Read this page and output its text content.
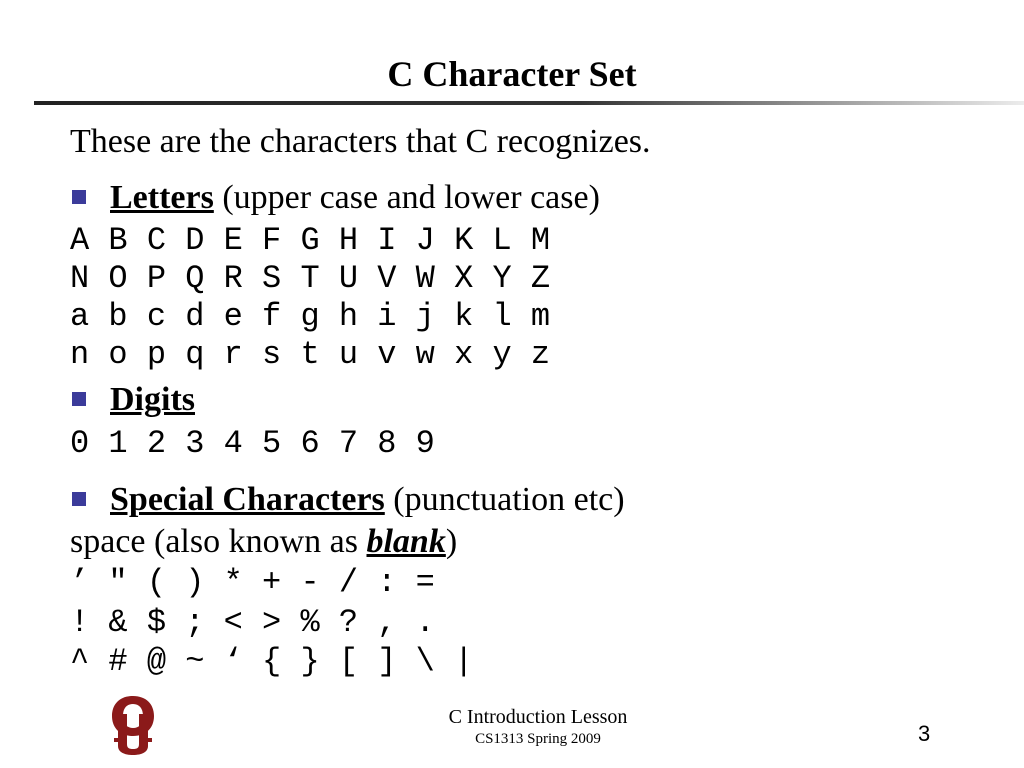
C Character Set
These are the characters that C recognizes.
Letters (upper case and lower case)
A B C D E F G H I J K L M
N O P Q R S T U V W X Y Z
a b c d e f g h i j k l m
n o p q r s t u v w x y z
Digits
0 1 2 3 4 5 6 7 8 9
Special Characters (punctuation etc)
space (also known as blank)
’ " ( ) * + - / : =
! & $ ; < > % ? , .
^ # @ ~ ‘ { } [ ] \ |
C Introduction Lesson
CS1313 Spring 2009	3
